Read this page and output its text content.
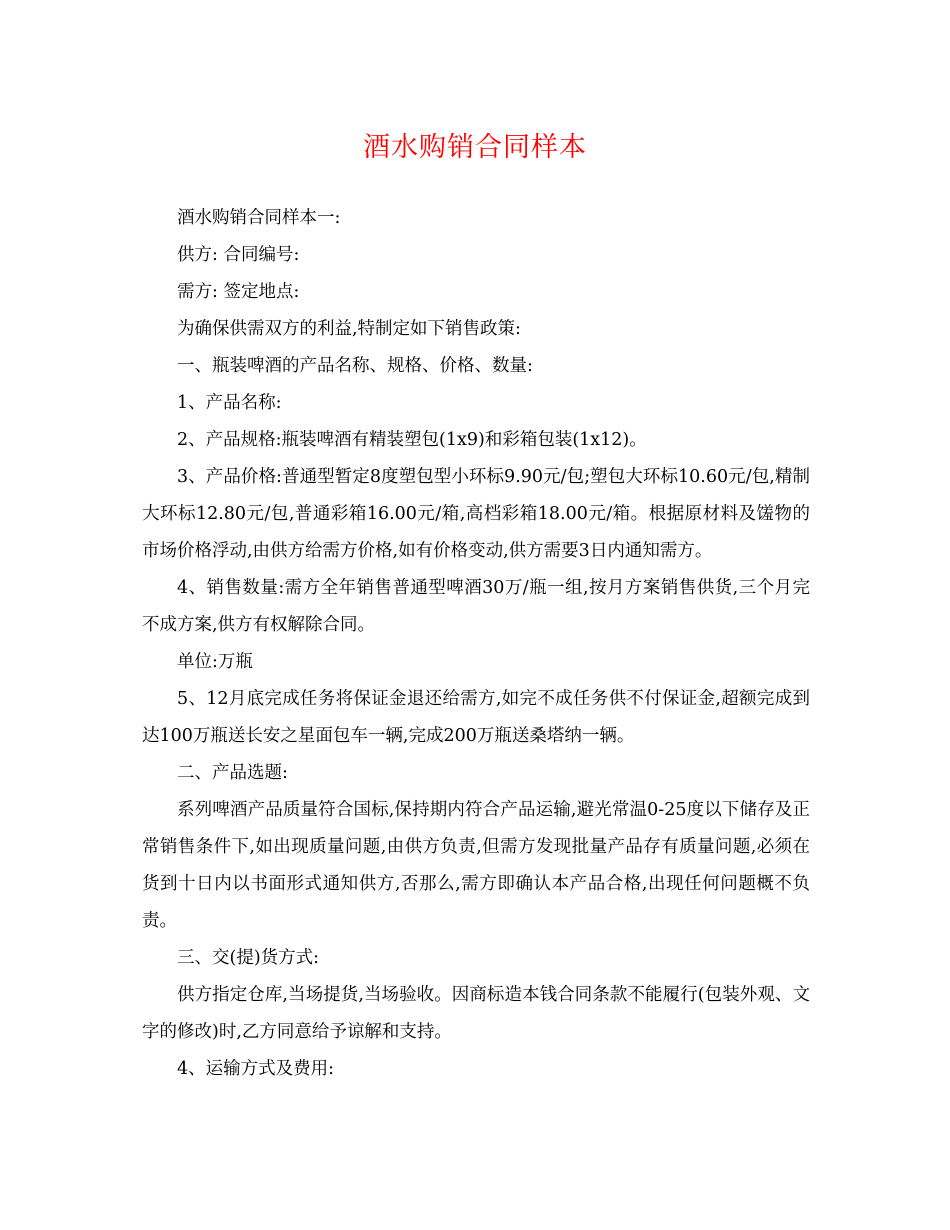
酒水购销合同样本

酒水购销合同样本一:

供方: 合同编号:

需方: 签定地点:

为确保供需双方的利益,特制定如下销售政策:

一、瓶装啤酒的产品名称、规格、价格、数量:

1、产品名称:

2、产品规格:瓶装啤酒有精装塑包(1x9)和彩箱包装(1x12)。

3、产品价格:普通型暂定8度塑包型小环标9.90元/包;塑包大环标10.60元/包,精制大环标12.80元/包,普通彩箱16.00元/箱,高档彩箱18.00元/箱。根据原材料及馐物的市场价格浮动,由供方给需方价格,如有价格变动,供方需要3日内通知需方。

4、销售数量:需方全年销售普通型啤酒30万/瓶一组,按月方案销售供货,三个月完不成方案,供方有权解除合同。

单位:万瓶

5、12月底完成任务将保证金退还给需方,如完不成任务供不付保证金,超额完成到达100万瓶送长安之星面包车一辆,完成200万瓶送桑塔纳一辆。

二、产品选题:

系列啤酒产品质量符合国标,保持期内符合产品运输,避光常温0-25度以下储存及正常销售条件下,如出现质量问题,由供方负责,但需方发现批量产品存有质量问题,必须在货到十日内以书面形式通知供方,否那么,需方即确认本产品合格,出现任何问题概不负责。

三、交(提)货方式:

供方指定仓库,当场提货,当场验收。因商标造本钱合同条款不能履行(包装外观、文字的修改)时,乙方同意给予谅解和支持。

4、运输方式及费用:
